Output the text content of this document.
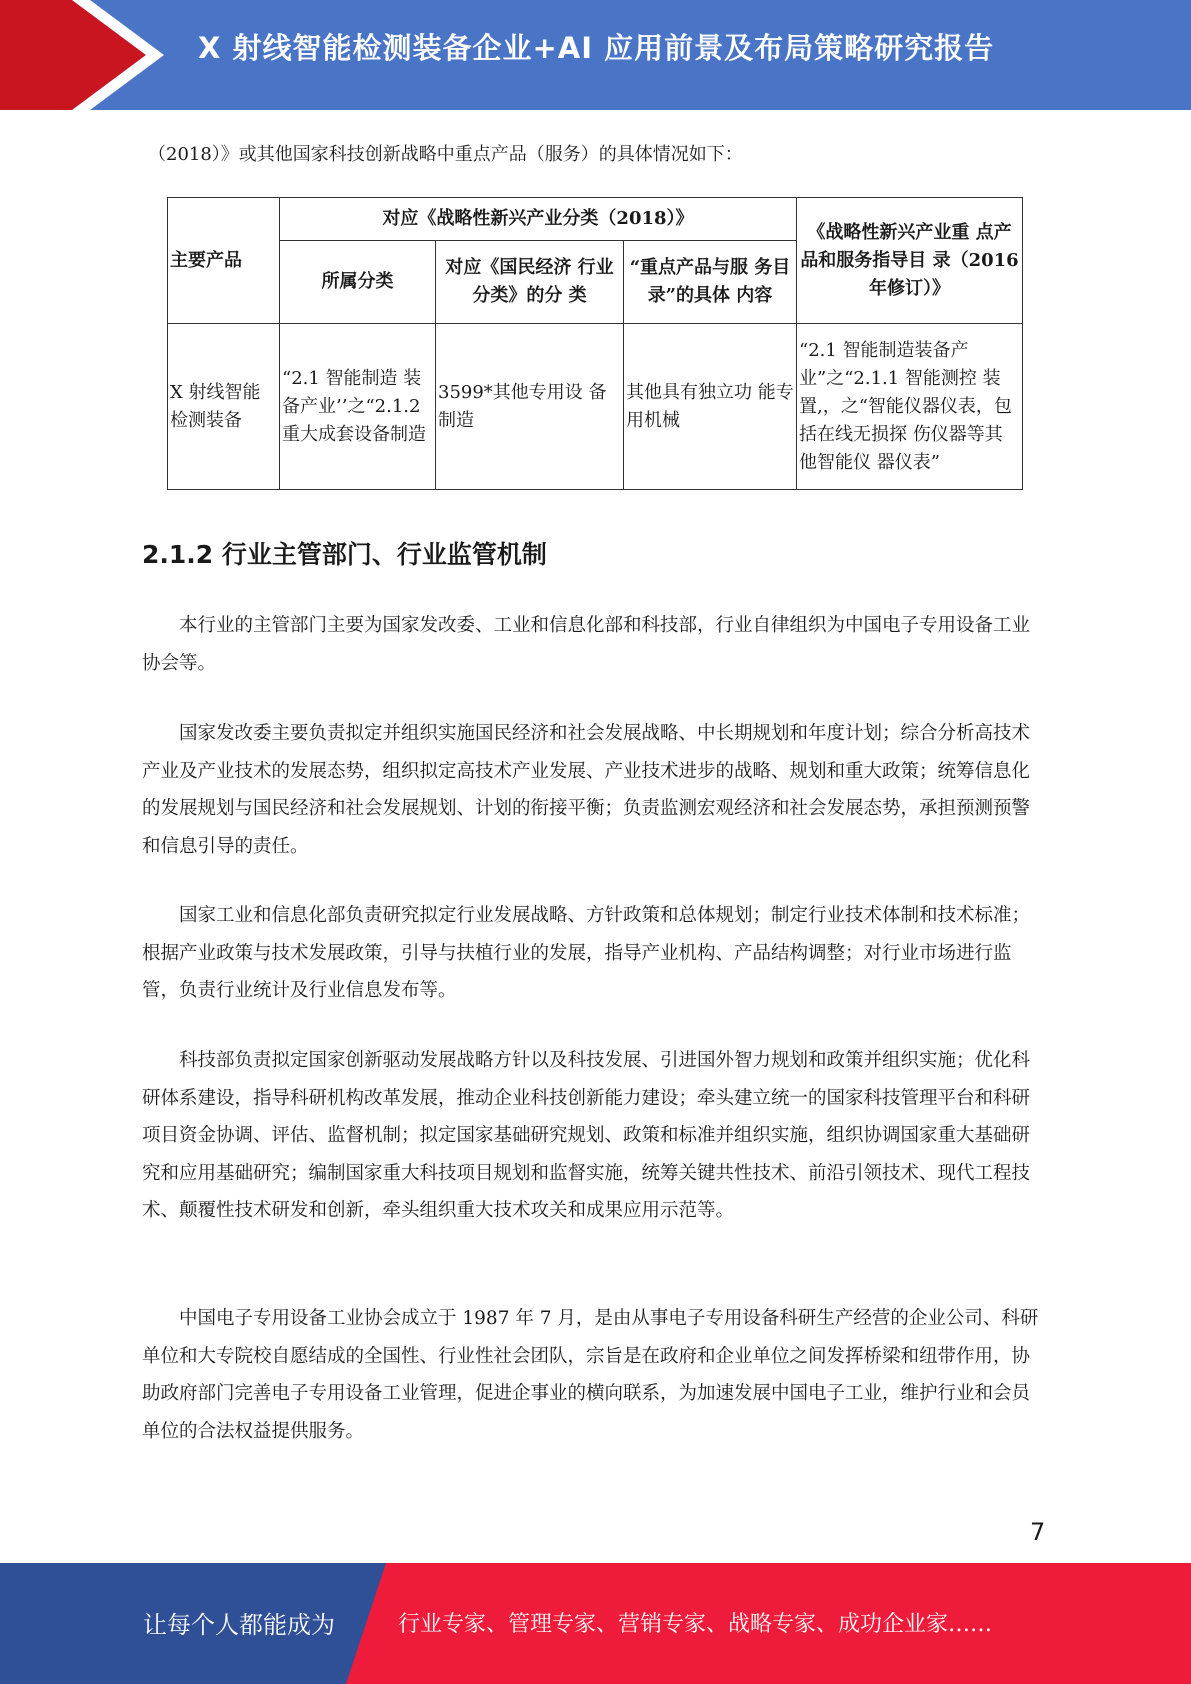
X 射线智能检测装备企业+AI 应用前景及布局策略研究报告
（2018）》或其他国家科技创新战略中重点产品（服务）的具体情况如下：
主要产品	对应《战略性新兴产业分类（2018）》			《战略性新兴产业重 点产品和服务指导目 录（2016 年修订）》
	所属分类	对应《国民经济 行业分类》的分 类	“重点产品与服 务目录”的具体 内容	
X 射线智能检测装备	“2.1 智能制造 装备产业’’之“2.1.2 重大成套设备制造	3599*其他专用设 备制造	其他具有独立功 能专用机械	“2.1 智能制造装备产 业”之“2.1.1 智能测控 装置,，之“智能仪器仪表，包括在线无损探 伤仪器等其他智能仪 器仪表”
2.1.2 行业主管部门、行业监管机制

本行业的主管部门主要为国家发改委、工业和信息化部和科技部，行业自律组织为中国电子专用设备工业协会等。

国家发改委主要负责拟定并组织实施国民经济和社会发展战略、中长期规划和年度计划；综合分析高技术产业及产业技术的发展态势，组织拟定高技术产业发展、产业技术进步的战略、规划和重大政策；统筹信息化的发展规划与国民经济和社会发展规划、计划的衔接平衡；负责监测宏观经济和社会发展态势，承担预测预警和信息引导的责任。

国家工业和信息化部负责研究拟定行业发展战略、方针政策和总体规划；制定行业技术体制和技术标准；根据产业政策与技术发展政策，引导与扶植行业的发展，指导产业机构、产品结构调整；对行业市场进行监管，负责行业统计及行业信息发布等。

科技部负责拟定国家创新驱动发展战略方针以及科技发展、引进国外智力规划和政策并组织实施；优化科研体系建设，指导科研机构改革发展，推动企业科技创新能力建设；牵头建立统一的国家科技管理平台和科研项目资金协调、评估、监督机制；拟定国家基础研究规划、政策和标准并组织实施，组织协调国家重大基础研究和应用基础研究；编制国家重大科技项目规划和监督实施，统筹关键共性技术、前沿引领技术、现代工程技术、颠覆性技术研发和创新，牵头组织重大技术攻关和成果应用示范等。

中国电子专用设备工业协会成立于 1987 年 7 月，是由从事电子专用设备科研生产经营的企业公司、科研单位和大专院校自愿结成的全国性、行业性社会团队，宗旨是在政府和企业单位之间发挥桥梁和纽带作用，协助政府部门完善电子专用设备工业管理，促进企事业的横向联系，为加速发展中国电子工业，维护行业和会员单位的合法权益提供服务。

7
让每个人都能成为	行业专家、管理专家、营销专家、战略专家、成功企业家……
